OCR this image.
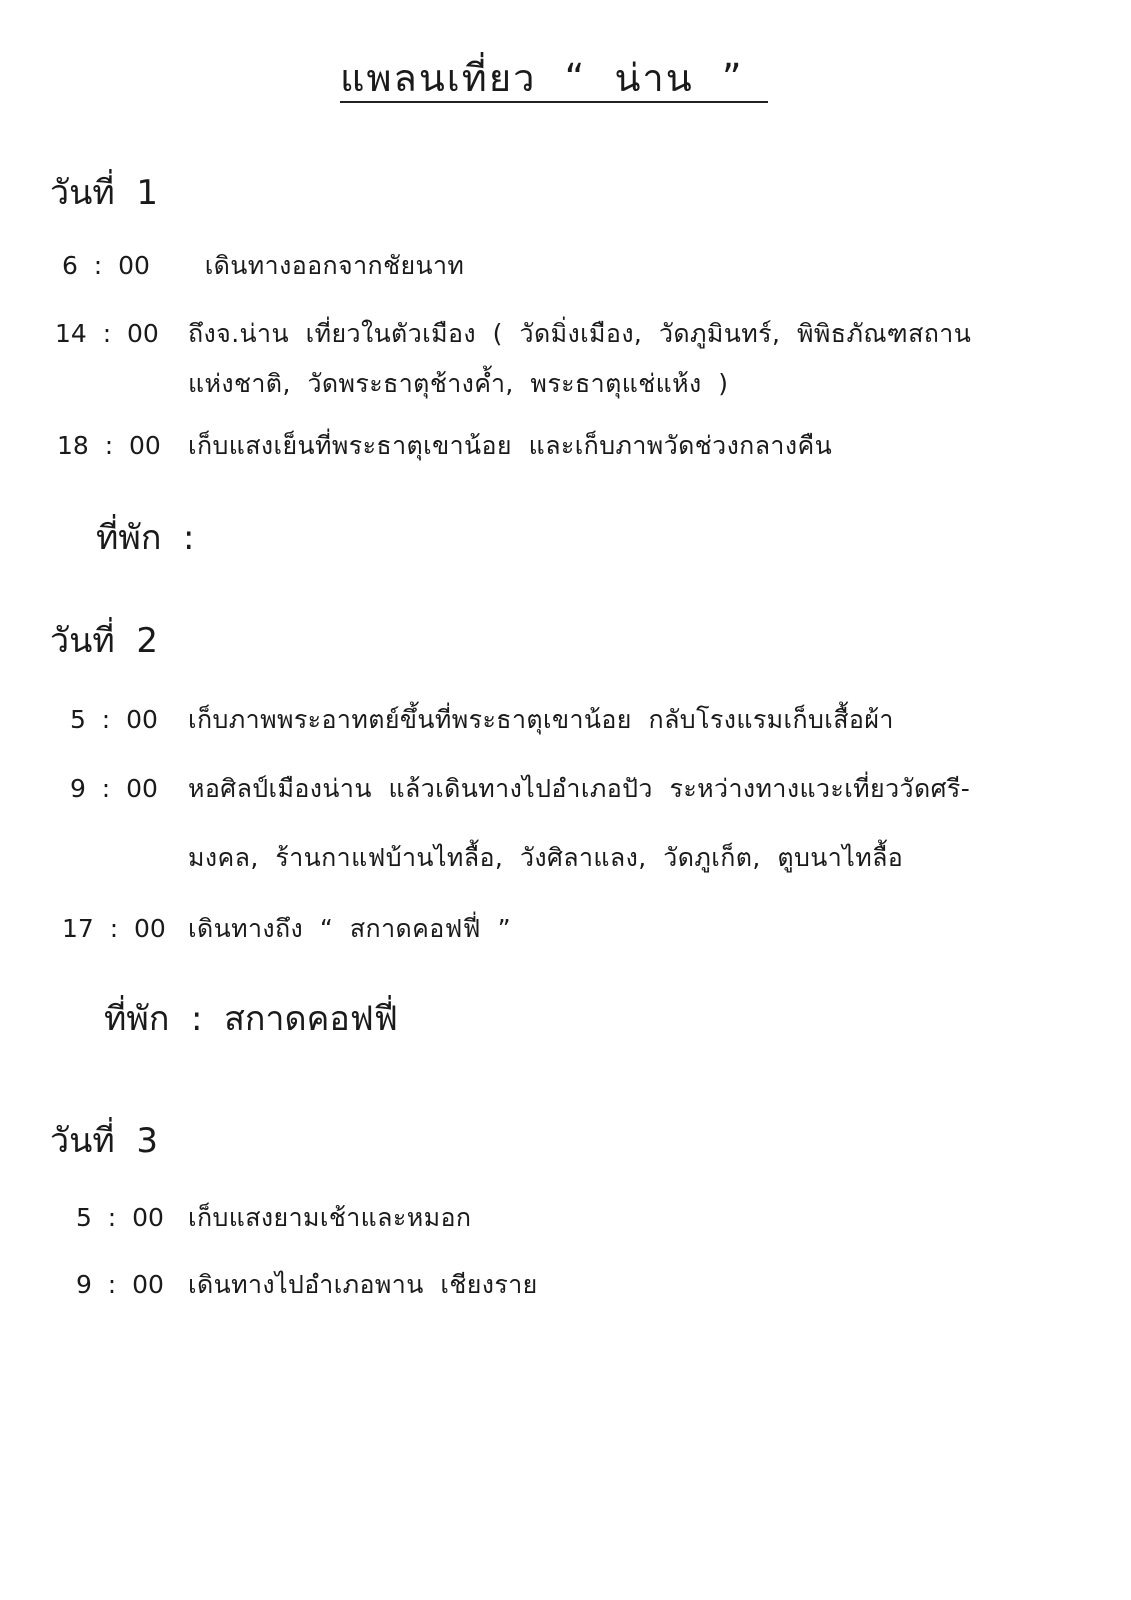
แพลนเที่ยว  “  น่าน  ”
วันที่  1
6  :  00 เดินทางออกจากชัยนาท
14  :  00 ถึงจ.น่าน  เที่ยวในตัวเมือง  (  วัดมิ่งเมือง,  วัดภูมินทร์,  พิพิธภัณฑสถาน
แห่งชาติ,  วัดพระธาตุช้างค้ำ,  พระธาตุแช่แห้ง  )
18  :  00 เก็บแสงเย็นที่พระธาตุเขาน้อย  และเก็บภาพวัดช่วงกลางคืน
ที่พัก  :
วันที่  2
5  :  00 เก็บภาพพระอาทตย์ขึ้นที่พระธาตุเขาน้อย  กลับโรงแรมเก็บเสื้อผ้า
9  :  00 หอศิลป์เมืองน่าน  แล้วเดินทางไปอำเภอปัว  ระหว่างทางแวะเที่ยววัดศรี-
มงคล,  ร้านกาแฟบ้านไทลื้อ,  วังศิลาแลง,  วัดภูเก็ต,  ตูบนาไทลื้อ
17  :  00 เดินทางถึง  “  สกาดคอฟฟี่  ”
ที่พัก  :  สกาดคอฟฟี่
วันที่  3
5  :  00 เก็บแสงยามเช้าและหมอก
9  :  00 เดินทางไปอำเภอพาน  เชียงราย
